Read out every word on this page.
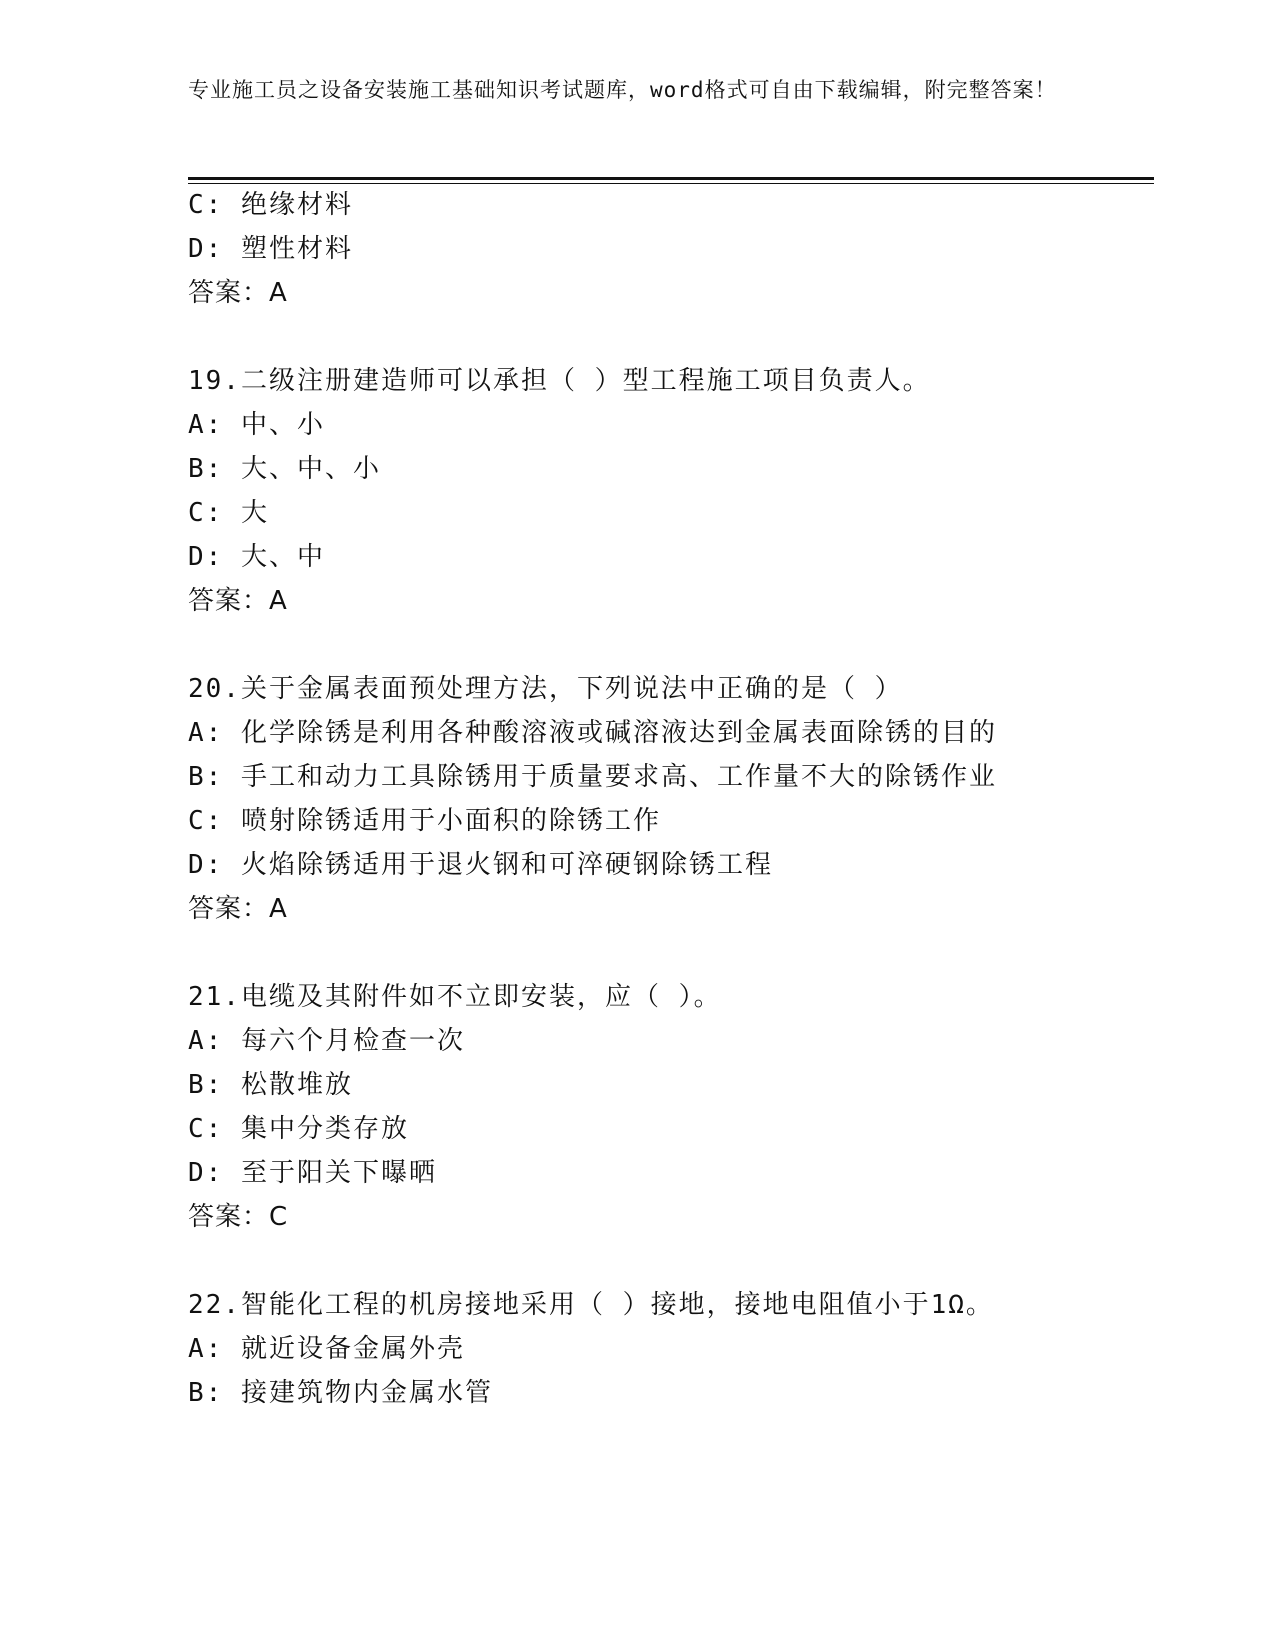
专业施工员之设备安装施工基础知识考试题库，word格式可自由下载编辑，附完整答案！
C: 绝缘材料
D: 塑性材料
答案：A
19.二级注册建造师可以承担（ ）型工程施工项目负责人。
A: 中、小
B: 大、中、小
C: 大
D: 大、中
答案：A
20.关于金属表面预处理方法，下列说法中正确的是（ ）
A: 化学除锈是利用各种酸溶液或碱溶液达到金属表面除锈的目的
B: 手工和动力工具除锈用于质量要求高、工作量不大的除锈作业
C: 喷射除锈适用于小面积的除锈工作
D: 火焰除锈适用于退火钢和可淬硬钢除锈工程
答案：A
21.电缆及其附件如不立即安装，应（ ）。
A: 每六个月检查一次
B: 松散堆放
C: 集中分类存放
D: 至于阳关下曝晒
答案：C
22.智能化工程的机房接地采用（ ）接地，接地电阻值小于1Ω。
A: 就近设备金属外壳
B: 接建筑物内金属水管
